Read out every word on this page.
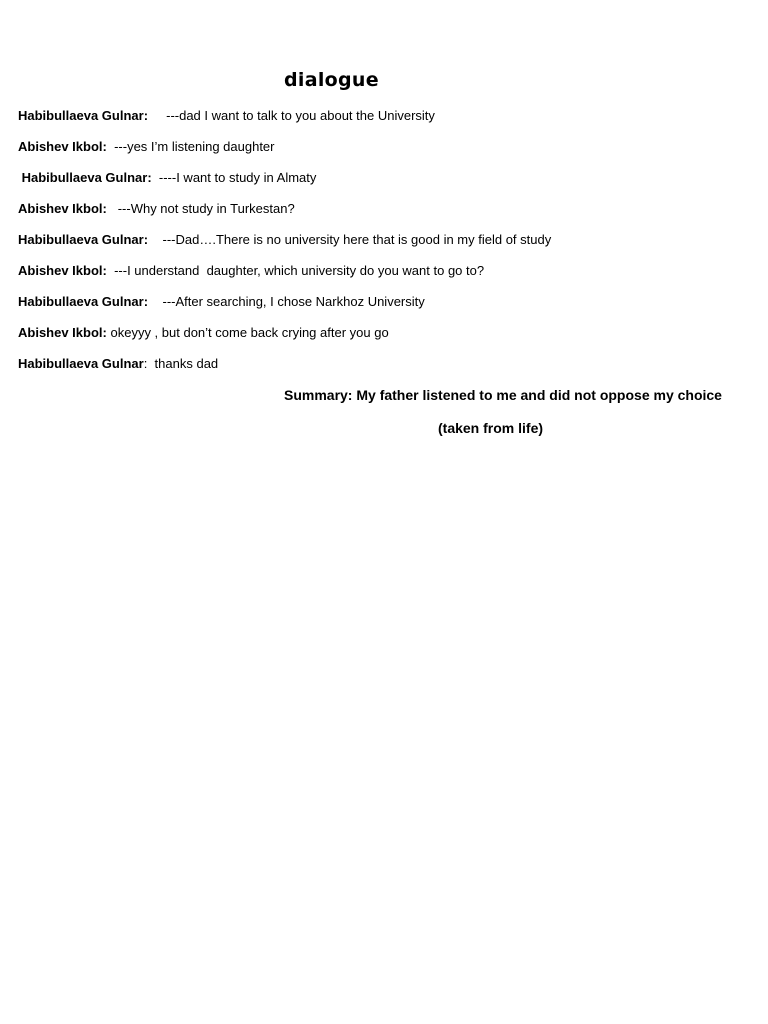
dialogue
Habibullaeva Gulnar: ---dad I want to talk to you about the University
Abishev Ikbol: ---yes I’m listening daughter
Habibullaeva Gulnar: ----I want to study in Almaty
Abishev Ikbol: ---Why not study in Turkestan?
Habibullaeva Gulnar: ---Dad….There is no university here that is good in my field of study
Abishev Ikbol: ---I understand  daughter, which university do you want to go to?
Habibullaeva Gulnar: ---After searching, I chose Narkhoz University
Abishev Ikbol: okeyyy , but don’t come back crying after you go
Habibullaeva Gulnar:  thanks dad
Summary: My father listened to me and did not oppose my choice
(taken from life)
